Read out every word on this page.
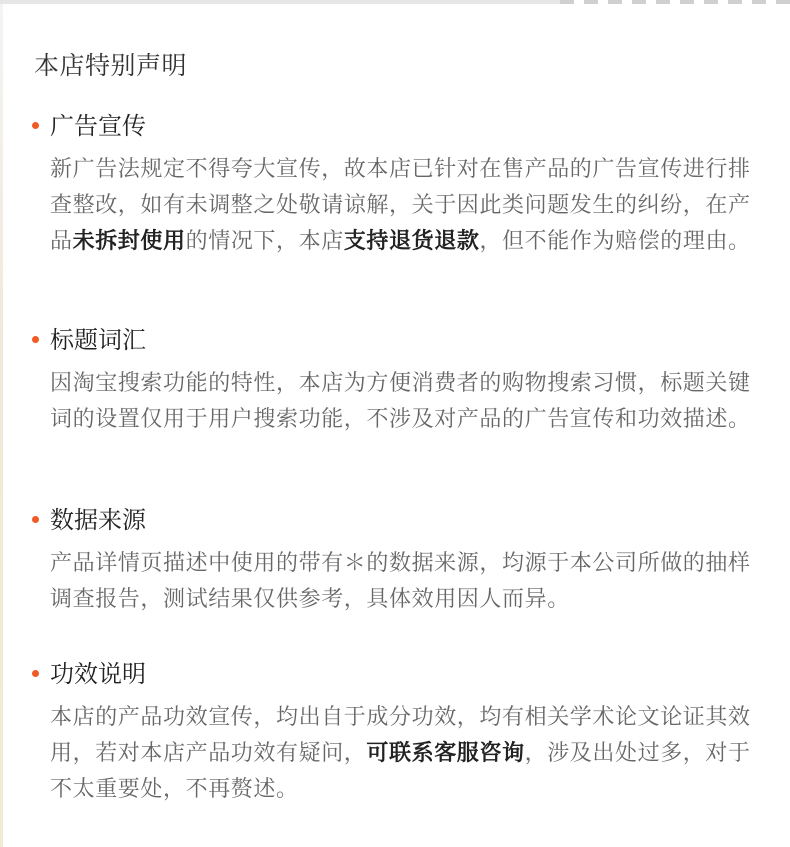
本店特别声明
广告宣传
新广告法规定不得夸大宣传，故本店已针对在售产品的广告宣传进行排查整改，如有未调整之处敬请谅解，关于因此类问题发生的纠纷，在产品未拆封使用的情况下，本店支持退货退款，但不能作为赔偿的理由。
标题词汇
因淘宝搜索功能的特性，本店为方便消费者的购物搜索习惯，标题关键词的设置仅用于用户搜索功能，不涉及对产品的广告宣传和功效描述。
数据来源
产品详情页描述中使用的带有＊的数据来源，均源于本公司所做的抽样调查报告，测试结果仅供参考，具体效用因人而异。
功效说明
本店的产品功效宣传，均出自于成分功效，均有相关学术论文论证其效用，若对本店产品功效有疑问，可联系客服咨询，涉及出处过多，对于不太重要处，不再赘述。
